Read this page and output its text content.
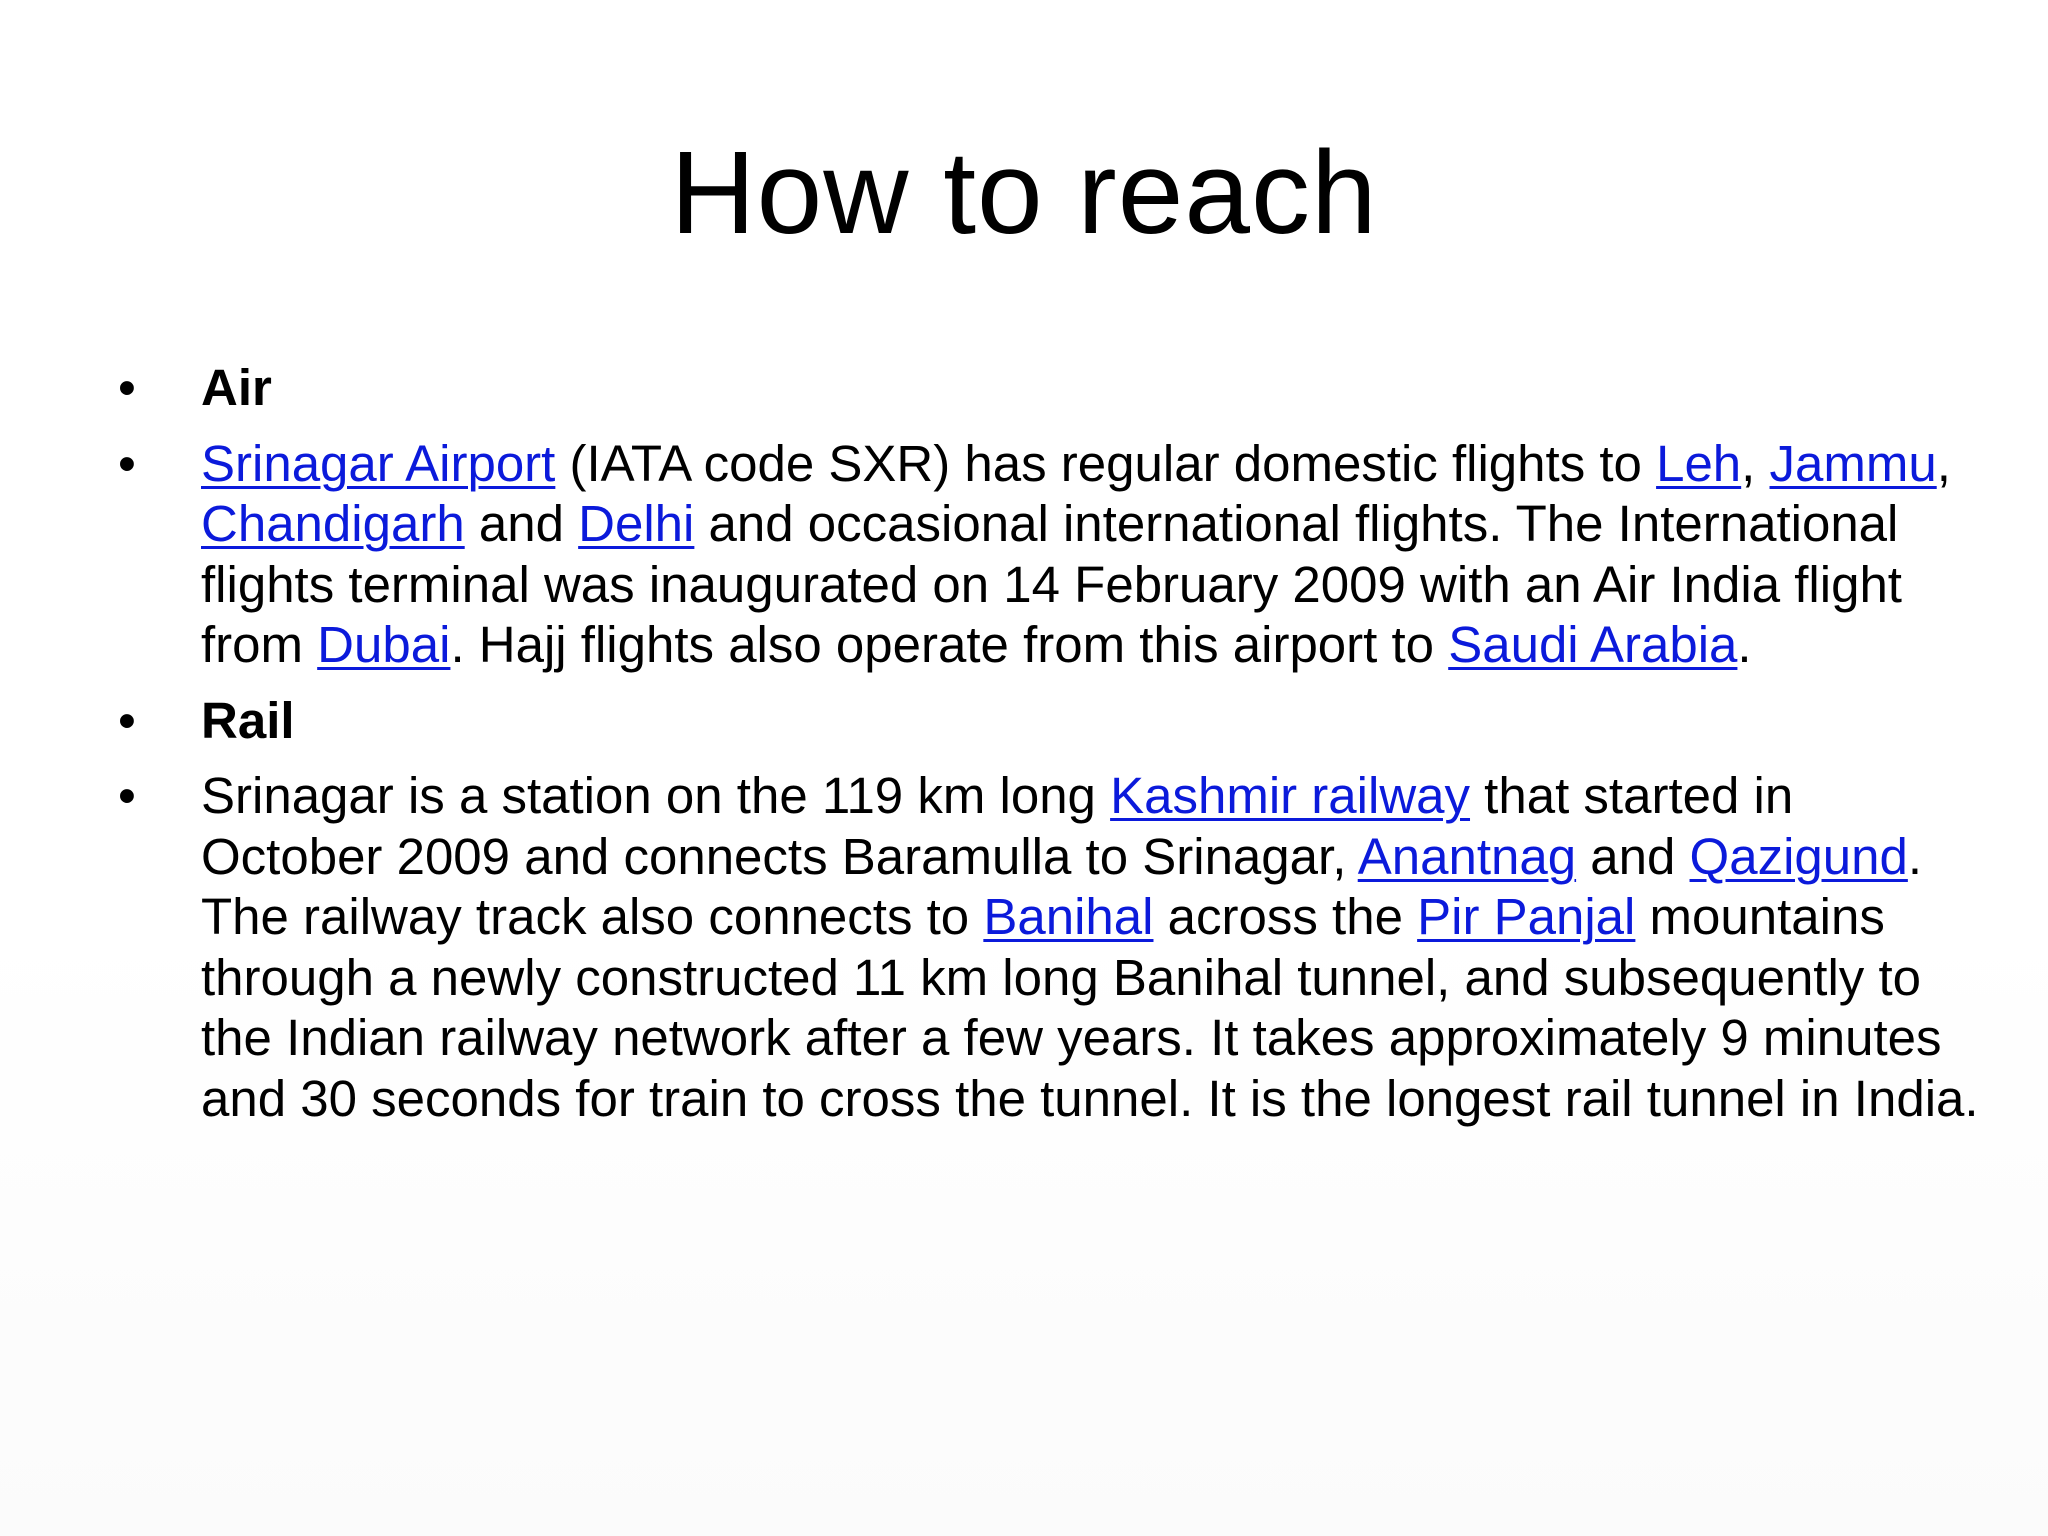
How to reach
• Air
• Srinagar Airport (IATA code SXR) has regular domestic flights to Leh, Jammu, Chandigarh and Delhi and occasional international flights. The International flights terminal was inaugurated on 14 February 2009 with an Air India flight from Dubai. Hajj flights also operate from this airport to Saudi Arabia.
• Rail
• Srinagar is a station on the 119 km long Kashmir railway that started in October 2009 and connects Baramulla to Srinagar, Anantnag and Qazigund. The railway track also connects to Banihal across the Pir Panjal mountains through a newly constructed 11 km long Banihal tunnel, and subsequently to the Indian railway network after a few years. It takes approximately 9 minutes and 30 seconds for train to cross the tunnel. It is the longest rail tunnel in India.
